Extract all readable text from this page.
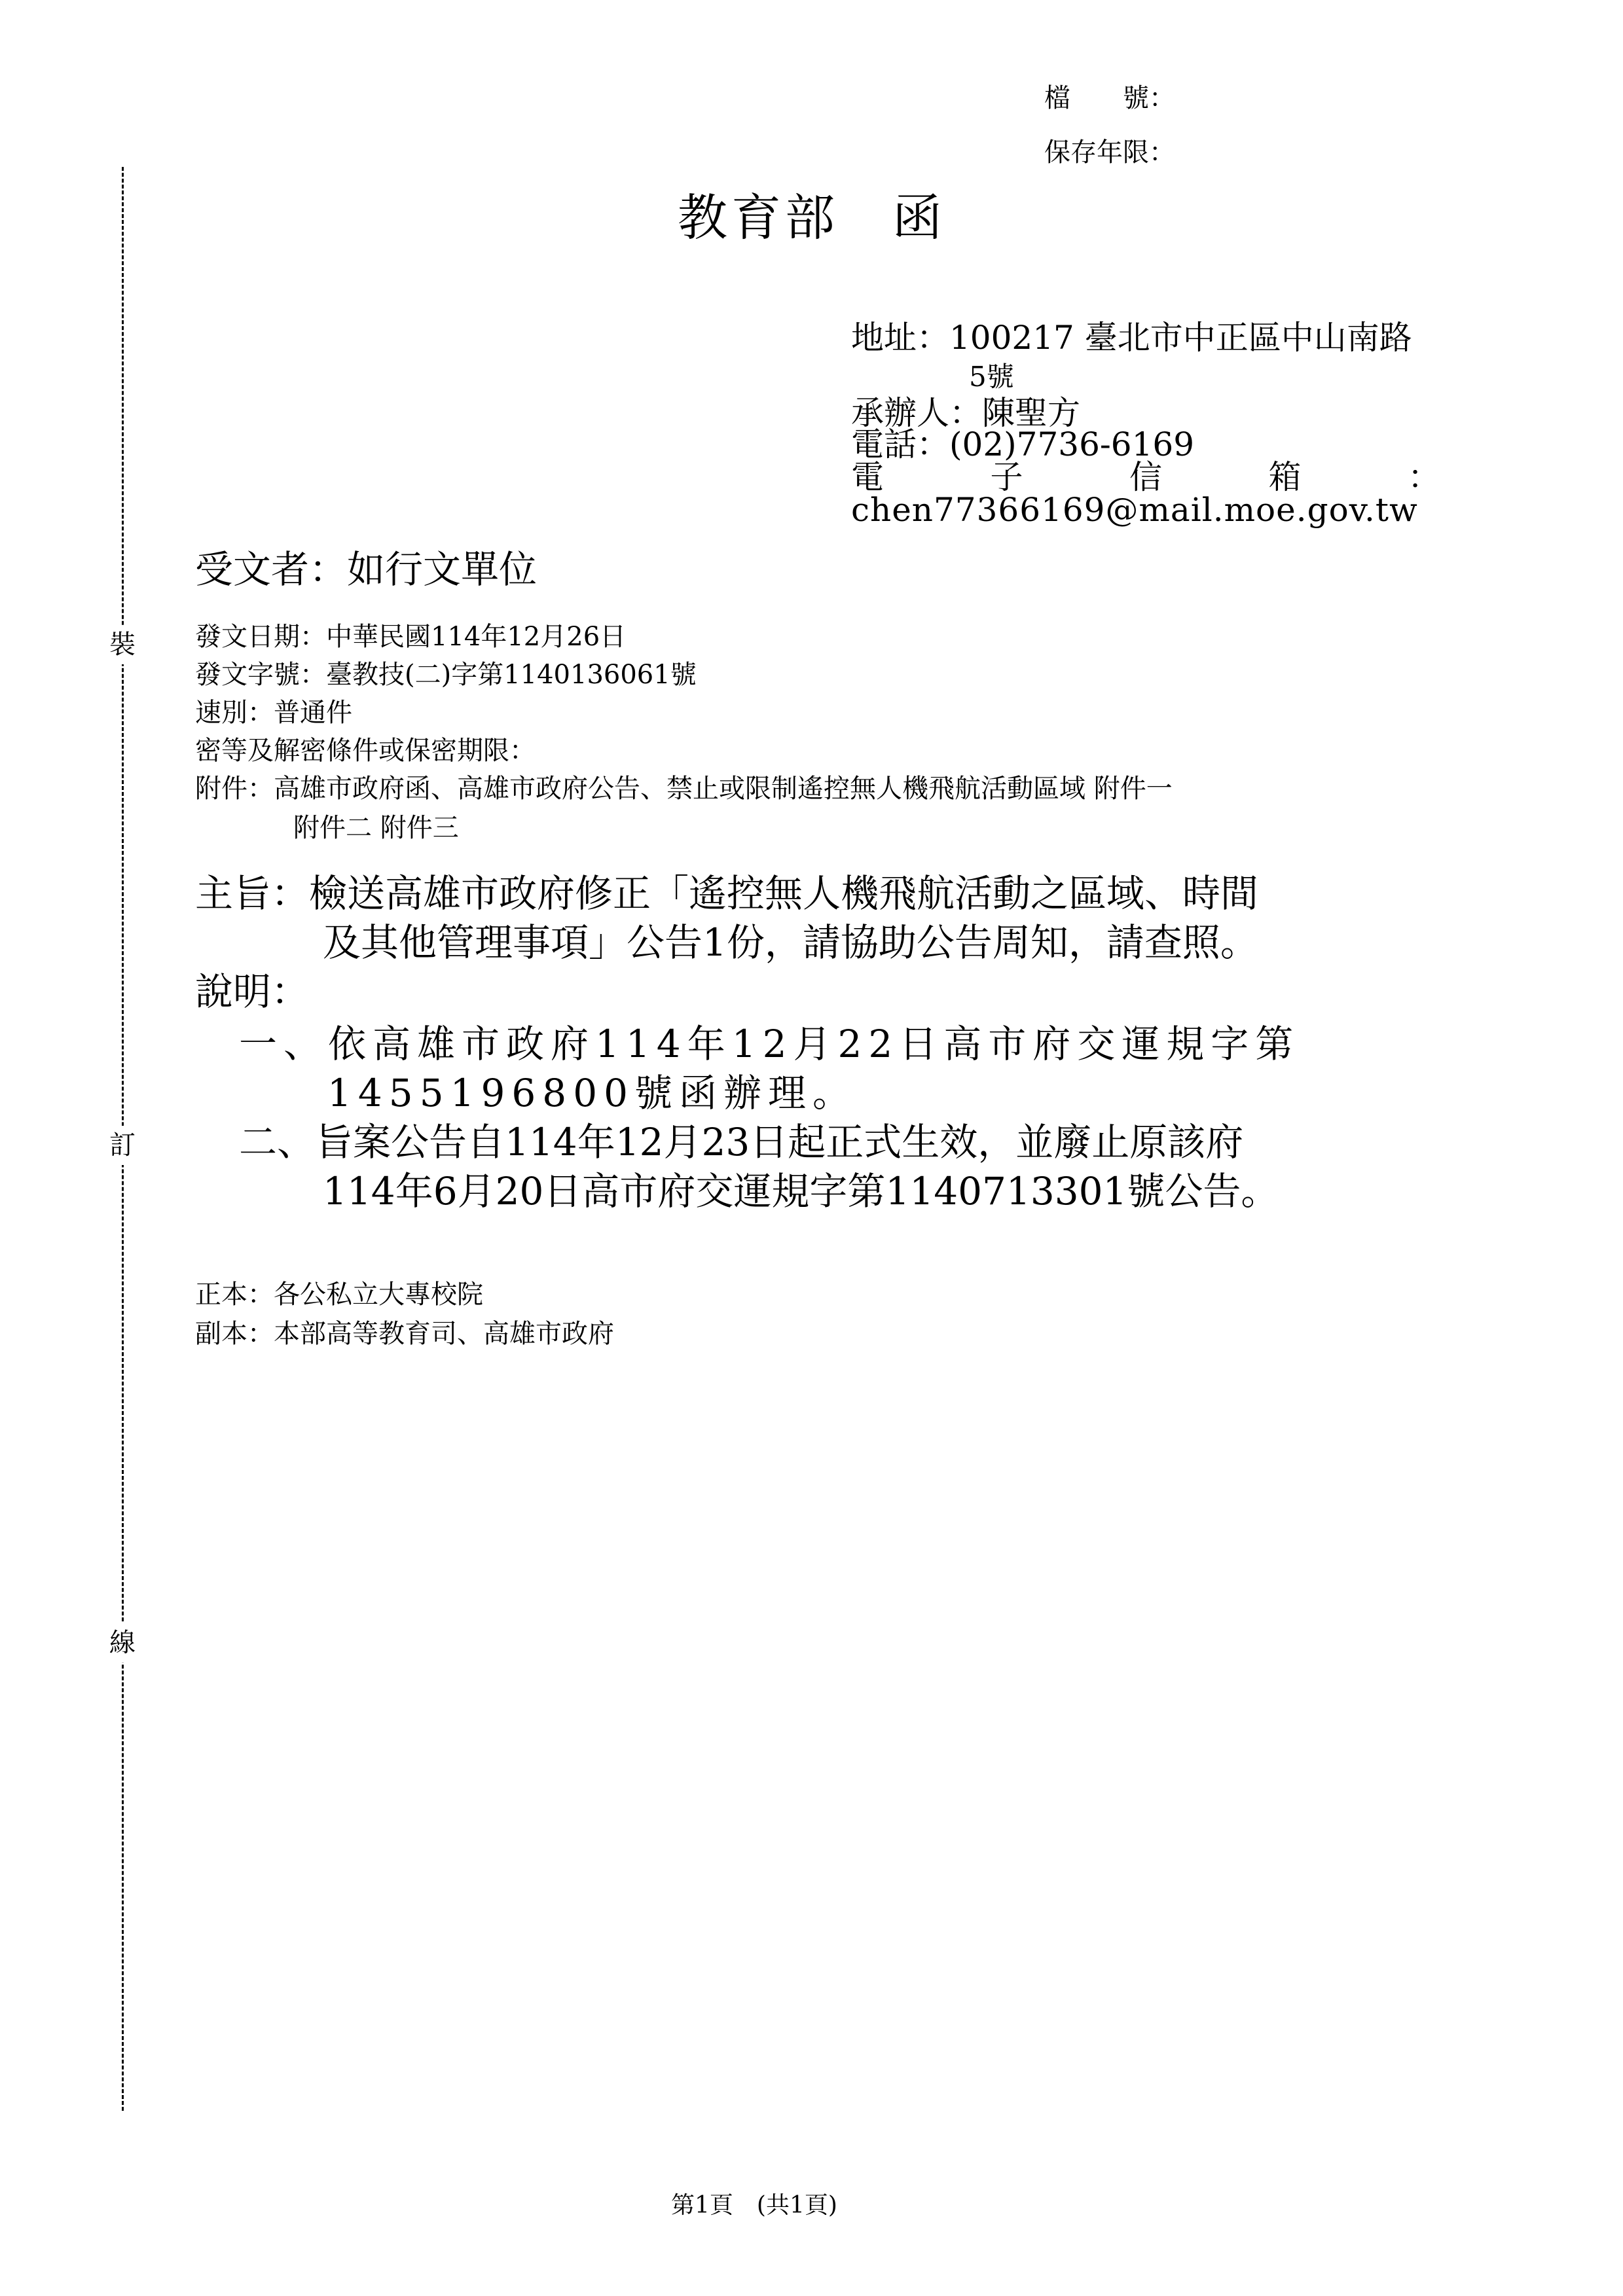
裝
訂
線
檔　　號：
保存年限：
教育部　函
地址：100217 臺北市中正區中山南路
5號
承辦人：陳聖方
電話：(02)7736-6169
電	子	信	箱	：
chen77366169@mail.moe.gov.tw
受文者：如行文單位
發文日期：中華民國114年12月26日
發文字號：臺教技(二)字第1140136061號
速別：普通件
密等及解密條件或保密期限：
附件：高雄市政府函、高雄市政府公告、禁止或限制遙控無人機飛航活動區域 附件一
附件二 附件三
主旨：檢送高雄市政府修正「遙控無人機飛航活動之區域、時間
及其他管理事項」公告1份，請協助公告周知，請查照。
說明：
一、依高雄市政府114年12月22日高市府交運規字第
1455196800號函辦理。
二、旨案公告自114年12月23日起正式生效，並廢止原該府
114年6月20日高市府交運規字第1140713301號公告。
正本：各公私立大專校院
副本：本部高等教育司、高雄市政府
第1頁　(共1頁)
